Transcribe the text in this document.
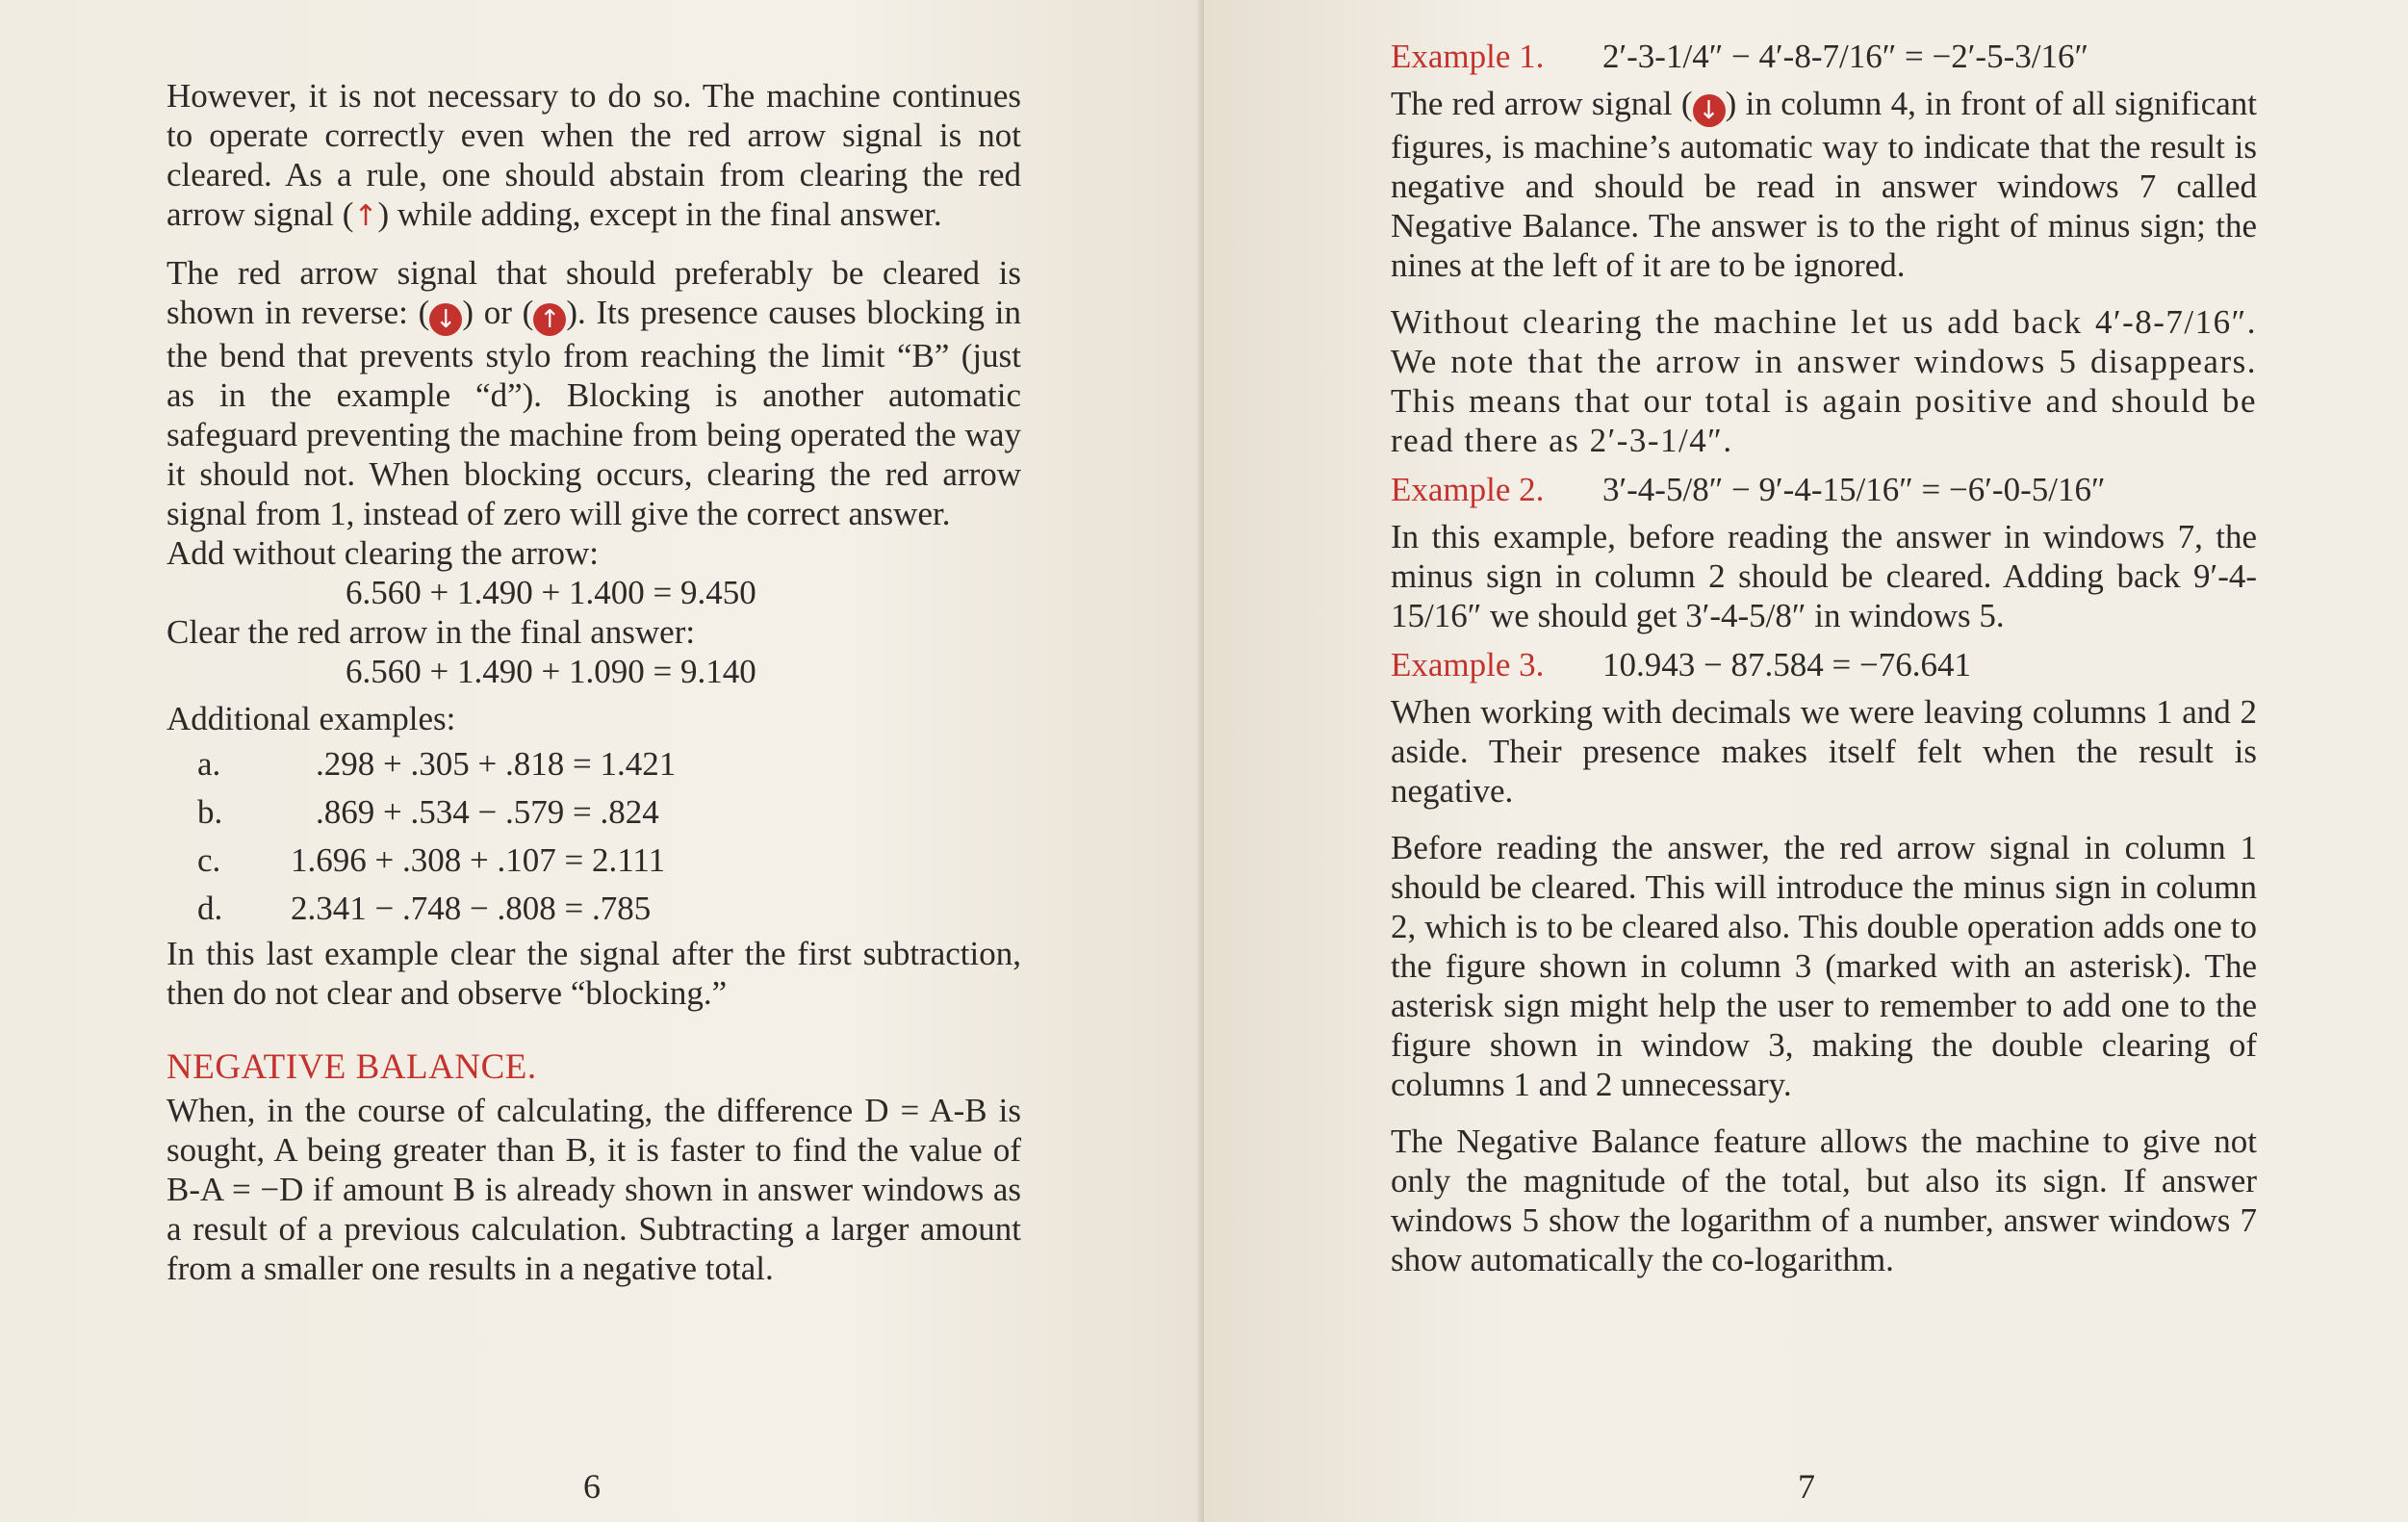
However, it is not necessary to do so. The machine continues to operate correctly even when the red arrow signal is not cleared. As a rule, one should abstain from clearing the red arrow signal (↑) while adding, except in the final answer.

The red arrow signal that should preferably be cleared is shown in reverse: ( ↓ ) or ( ↑ ). Its presence causes blocking in the bend that prevents stylo from reaching the limit “B” (just as in the example “d”). Blocking is another automatic safeguard preventing the machine from being operated the way it should not. When blocking occurs, clearing the red arrow signal from 1, instead of zero will give the correct answer.

Add without clearing the arrow:

6.560 + 1.490 + 1.400 = 9.450

Clear the red arrow in the final answer:

6.560 + 1.490 + 1.090 = 9.140

Additional examples:

a.	.298 + .305 + .818 = 1.421
b.	.869 + .534 − .579 = .824
c.	1.696 + .308 + .107 = 2.111
d.	2.341 − .748 − .808 = .785

In this last example clear the signal after the first subtraction, then do not clear and observe “blocking.”

NEGATIVE BALANCE.

When, in the course of calculating, the difference D = A-B is sought, A being greater than B, it is faster to find the value of B-A = −D if amount B is already shown in answer windows as a result of a previous calculation. Subtracting a larger amount from a smaller one results in a negative total.

6
Example 1.	2′-3-1/4″ − 4′-8-7/16″ = −2′-5-3/16″

The red arrow signal ( ↓ ) in column 4, in front of all significant figures, is machine’s automatic way to indicate that the result is negative and should be read in answer windows 7 called Negative Balance. The answer is to the right of minus sign; the nines at the left of it are to be ignored.

Without clearing the machine let us add back 4′-8-7/16″. We note that the arrow in answer windows 5 disappears. This means that our total is again positive and should be read there as 2′-3-1/4″.

Example 2.	3′-4-5/8″ − 9′-4-15/16″ = −6′-0-5/16″

In this example, before reading the answer in windows 7, the minus sign in column 2 should be cleared. Adding back 9′-4-15/16″ we should get 3′-4-5/8″ in windows 5.

Example 3.	10.943 − 87.584 = −76.641

When working with decimals we were leaving columns 1 and 2 aside. Their presence makes itself felt when the result is negative.

Before reading the answer, the red arrow signal in column 1 should be cleared. This will introduce the minus sign in column 2, which is to be cleared also. This double operation adds one to the figure shown in column 3 (marked with an asterisk). The asterisk sign might help the user to remember to add one to the figure shown in window 3, making the double clearing of columns 1 and 2 unnecessary.

The Negative Balance feature allows the machine to give not only the magnitude of the total, but also its sign. If answer windows 5 show the logarithm of a number, answer windows 7 show automatically the co-logarithm.

7
